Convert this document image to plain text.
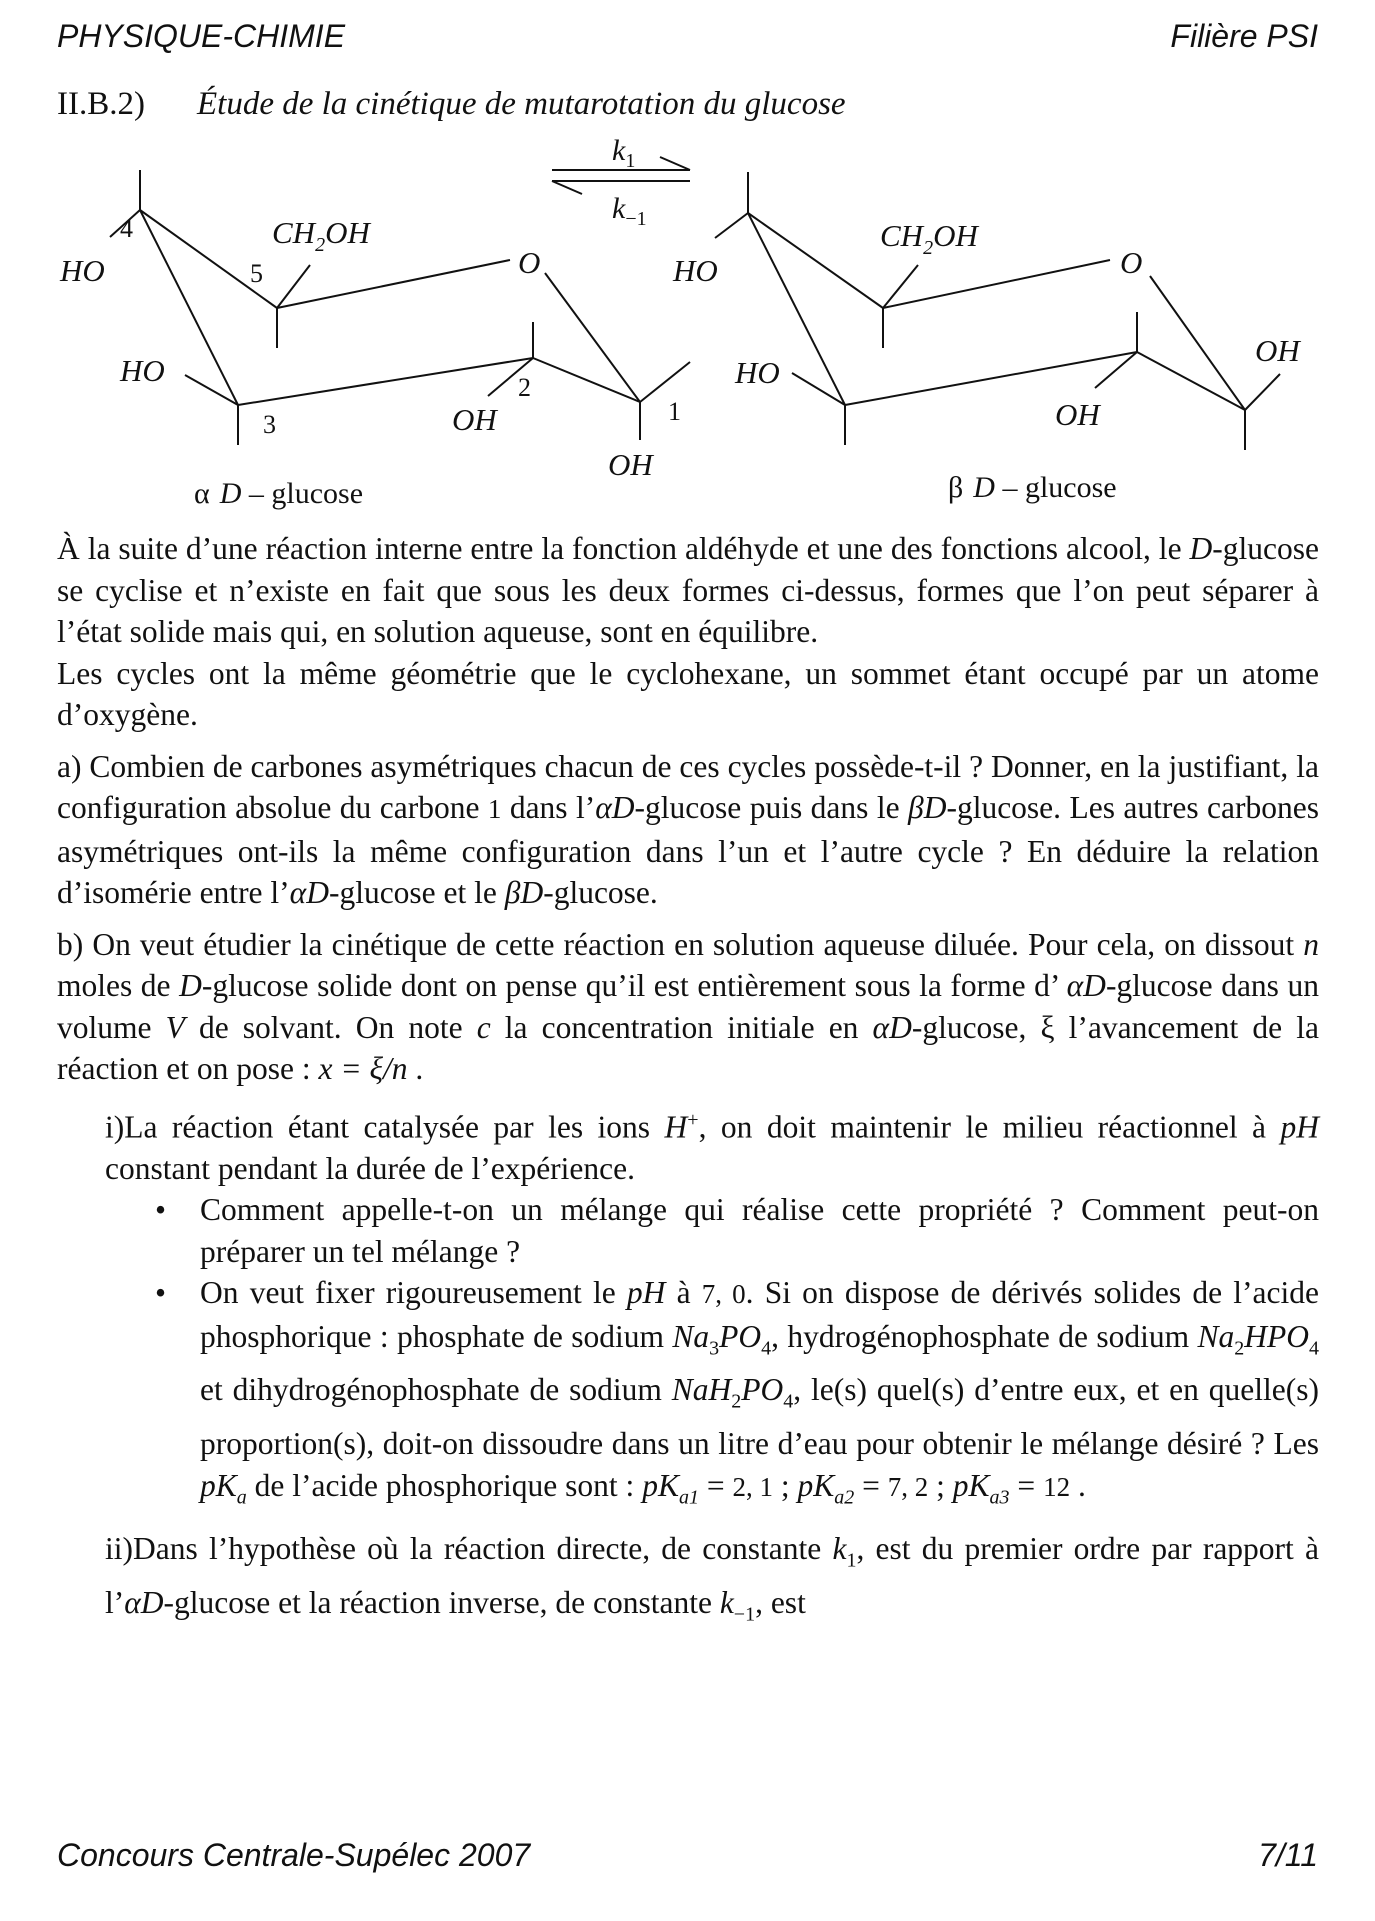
PHYSIQUE-CHIMIE	Filière PSI
II.B.2) Étude de la cinétique de mutarotation du glucose
$k_1$
$k_{-1}$
$CH_2OH$
O
HO
HO
OH
OH
4
5
3
2
1
α D – glucose
$CH_2OH$
O
HO
HO
OH
OH
β D – glucose

À la suite d’une réaction interne entre la fonction aldéhyde et une des fonctions alcool, le D-glucose se cyclise et n’existe en fait que sous les deux formes ci-dessus, formes que l’on peut séparer à l’état solide mais qui, en solution aqueuse, sont en équilibre.

Les cycles ont la même géométrie que le cyclohexane, un sommet étant occupé par un atome d’oxygène.

a) Combien de carbones asymétriques chacun de ces cycles possède-t-il ? Donner, en la justifiant, la configuration absolue du carbone 1 dans l’αD-glucose puis dans le βD-glucose. Les autres carbones asymétriques ont-ils la même configuration dans l’un et l’autre cycle ? En déduire la relation d’isomérie entre l’αD-glucose et le βD-glucose.

b) On veut étudier la cinétique de cette réaction en solution aqueuse diluée. Pour cela, on dissout n moles de D-glucose solide dont on pense qu’il est entièrement sous la forme d’ αD-glucose dans un volume V de solvant. On note c la concentration initiale en αD-glucose, ξ l’avancement de la réaction et on pose : x = ξ/n .

i)La réaction étant catalysée par les ions H+, on doit maintenir le milieu réactionnel à pH constant pendant la durée de l’expérience.

• Comment appelle-t-on un mélange qui réalise cette propriété ? Comment peut-on préparer un tel mélange ?

• On veut fixer rigoureusement le pH à 7, 0. Si on dispose de dérivés solides de l’acide phosphorique : phosphate de sodium $Na_3PO_4$, hydrogénophosphate de sodium $Na_2HPO_4$ et dihydrogénophosphate de sodium $NaH_2PO_4$, le(s) quel(s) d’entre eux, et en quelle(s) proportion(s), doit-on dissoudre dans un litre d’eau pour obtenir le mélange désiré ? Les $pK_a$ de l’acide phosphorique sont : $pK_{a1} = 2$, 1 ; $pK_{a2} = 7$, 2 ; $pK_{a3} = 12$ .

ii)Dans l’hypothèse où la réaction directe, de constante $k_1$, est du premier ordre par rapport à l’αD-glucose et la réaction inverse, de constante $k_{-1}$, est

Concours Centrale-Supélec 2007	7/11
